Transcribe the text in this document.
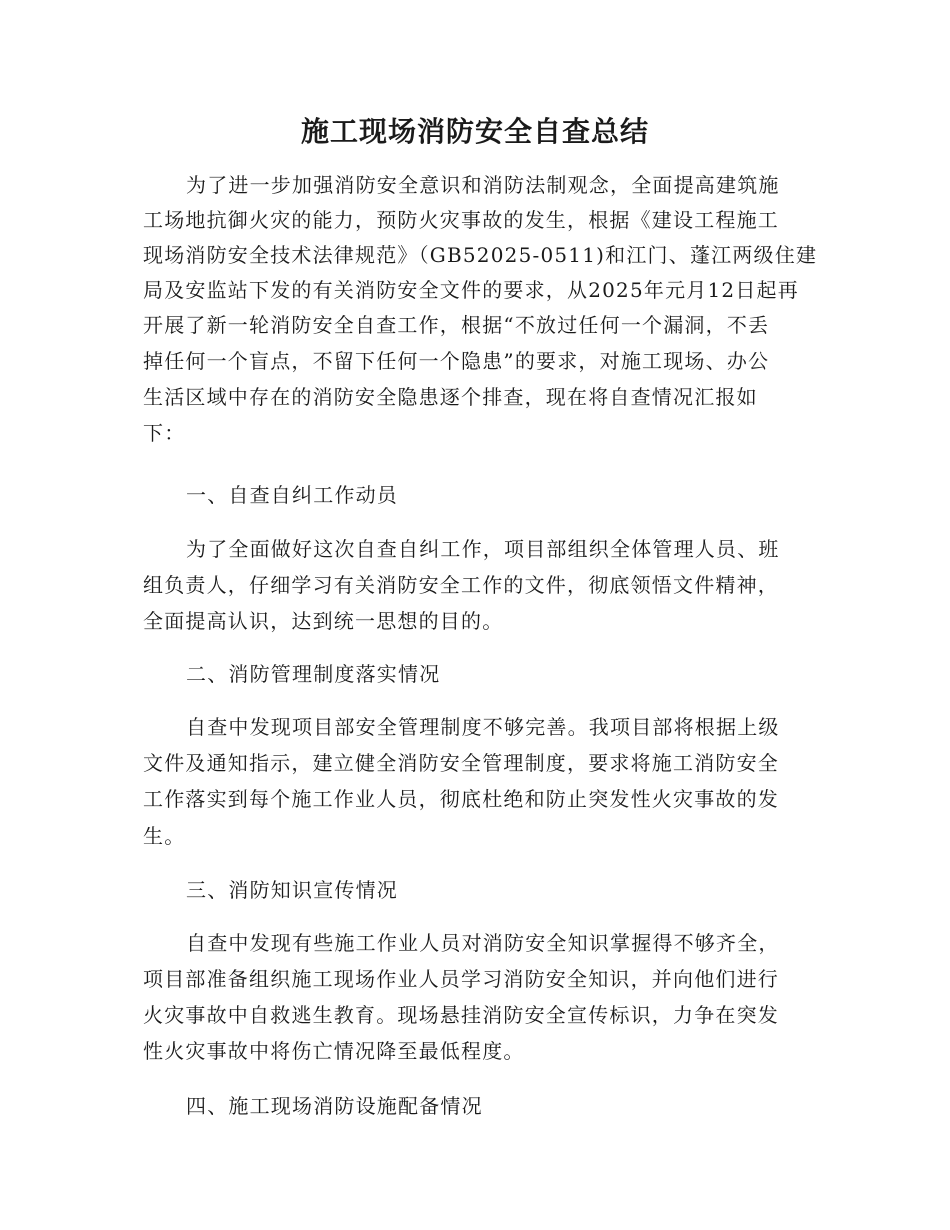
施工现场消防安全自查总结
为了进一步加强消防安全意识和消防法制观念，全面提高建筑施
工场地抗御火灾的能力，预防火灾事故的发生，根据《建设工程施工
现场消防安全技术法律规范》（GB52025-0511)和江门、蓬江两级住建
局及安监站下发的有关消防安全文件的要求，从2025年元月12日起再
开展了新一轮消防安全自查工作，根据“不放过任何一个漏洞，不丢
掉任何一个盲点，不留下任何一个隐患”的要求，对施工现场、办公
生活区域中存在的消防安全隐患逐个排查，现在将自查情况汇报如
下：
一、自查自纠工作动员
为了全面做好这次自查自纠工作，项目部组织全体管理人员、班
组负责人，仔细学习有关消防安全工作的文件，彻底领悟文件精神，
全面提高认识，达到统一思想的目的。
二、消防管理制度落实情况
自查中发现项目部安全管理制度不够完善。我项目部将根据上级
文件及通知指示，建立健全消防安全管理制度，要求将施工消防安全
工作落实到每个施工作业人员，彻底杜绝和防止突发性火灾事故的发
生。
三、消防知识宣传情况
自查中发现有些施工作业人员对消防安全知识掌握得不够齐全，
项目部准备组织施工现场作业人员学习消防安全知识，并向他们进行
火灾事故中自救逃生教育。现场悬挂消防安全宣传标识，力争在突发
性火灾事故中将伤亡情况降至最低程度。
四、施工现场消防设施配备情况
